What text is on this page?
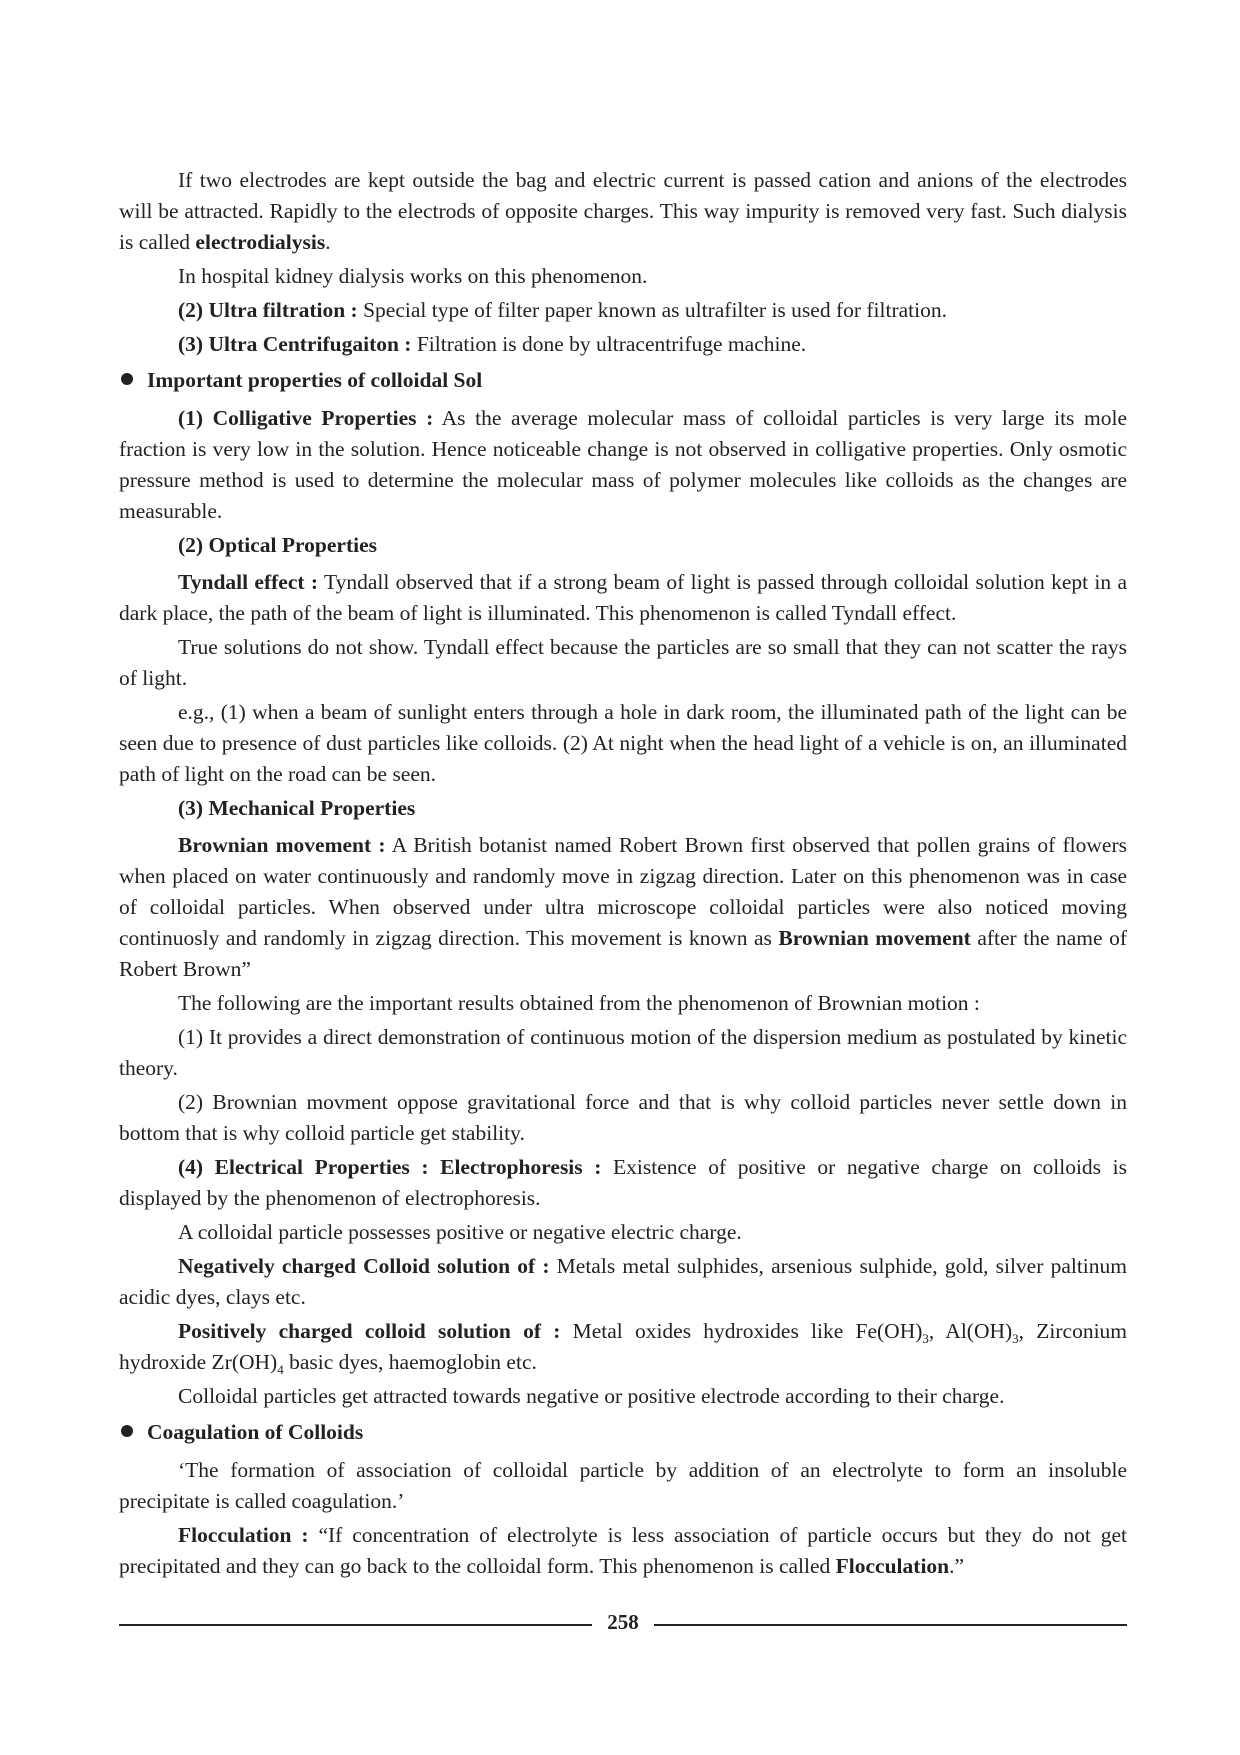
If two electrodes are kept outside the bag and electric current is passed cation and anions of the electrodes will be attracted. Rapidly to the electrods of opposite charges. This way impurity is removed very fast. Such dialysis is called electrodialysis.

In hospital kidney dialysis works on this phenomenon.

(2) Ultra filtration : Special type of filter paper known as ultrafilter is used for filtration.

(3) Ultra Centrifugaiton : Filtration is done by ultracentrifuge machine.

Important properties of colloidal Sol

(1) Colligative Properties : As the average molecular mass of colloidal particles is very large its mole fraction is very low in the solution. Hence noticeable change is not observed in colligative properties. Only osmotic pressure method is used to determine the molecular mass of polymer molecules like colloids as the changes are measurable.

(2) Optical Properties

Tyndall effect : Tyndall observed that if a strong beam of light is passed through colloidal solution kept in a dark place, the path of the beam of light is illuminated. This phenomenon is called Tyndall effect.

True solutions do not show. Tyndall effect because the particles are so small that they can not scatter the rays of light.

e.g., (1) when a beam of sunlight enters through a hole in dark room, the illuminated path of the light can be seen due to presence of dust particles like colloids. (2) At night when the head light of a vehicle is on, an illuminated path of light on the road can be seen.

(3) Mechanical Properties

Brownian movement : A British botanist named Robert Brown first observed that pollen grains of flowers when placed on water continuously and randomly move in zigzag direction. Later on this phenomenon was in case of colloidal particles. When observed under ultra microscope colloidal particles were also noticed moving continuosly and randomly in zigzag direction. This movement is known as Brownian movement after the name of Robert Brown”

The following are the important results obtained from the phenomenon of Brownian motion :

(1) It provides a direct demonstration of continuous motion of the dispersion medium as postulated by kinetic theory.

(2) Brownian movment oppose gravitational force and that is why colloid particles never settle down in bottom that is why colloid particle get stability.

(4) Electrical Properties : Electrophoresis : Existence of positive or negative charge on colloids is displayed by the phenomenon of electrophoresis.

A colloidal particle possesses positive or negative electric charge.

Negatively charged Colloid solution of : Metals metal sulphides, arsenious sulphide, gold, silver paltinum acidic dyes, clays etc.

Positively charged colloid solution of : Metal oxides hydroxides like $Fe(OH)_3$, $Al(OH)_3$, Zirconium hydroxide $Zr(OH)_4$ basic dyes, haemoglobin etc.

Colloidal particles get attracted towards negative or positive electrode according to their charge.

Coagulation of Colloids

‘The formation of association of colloidal particle by addition of an electrolyte to form an insoluble precipitate is called coagulation.’

Flocculation : “If concentration of electrolyte is less association of particle occurs but they do not get precipitated and they can go back to the colloidal form. This phenomenon is called Flocculation.”

258
